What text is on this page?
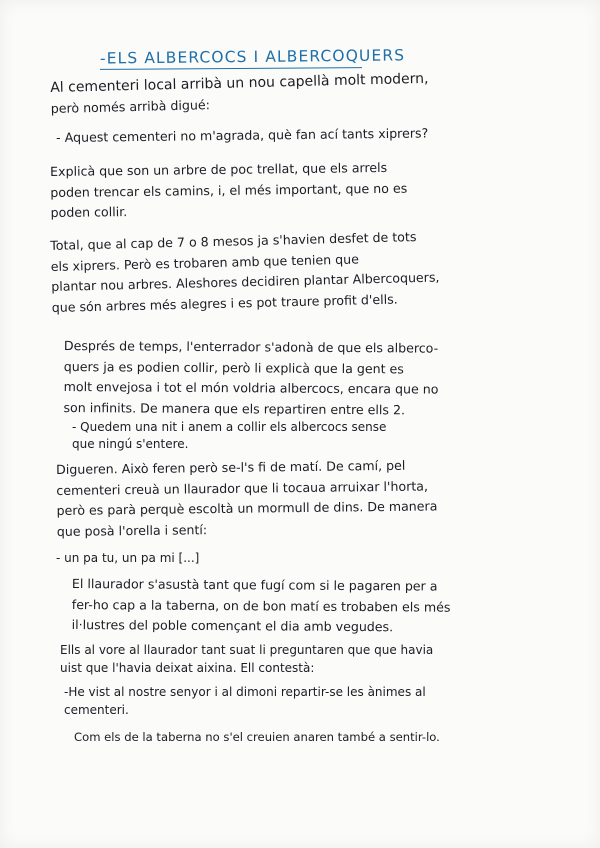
-ELS ALBERCOCS I ALBERCOQUERS
Al cementeri local arribà un nou capellà molt modern,
però només arribà digué:
- Aquest cementeri no m'agrada, què fan ací tants xiprers?
Explicà que son un arbre de poc trellat, que els arrels
poden trencar els camins, i, el més important, que no es
poden collir.
Total, que al cap de 7 o 8 mesos ja s'havien desfet de tots
els xiprers. Però es trobaren amb que tenien que
plantar nou arbres. Aleshores decidiren plantar Albercoquers,
que són arbres més alegres i es pot traure profit d'ells.
Després de temps, l'enterrador s'adonà de que els alberco-
quers ja es podien collir, però li explicà que la gent es
molt envejosa i tot el món voldria albercocs, encara que no
son infinits. De manera que els repartiren entre ells 2.
- Quedem una nit i anem a collir els albercocs sense
que ningú s'entere.
Digueren. Això feren però se-l's fi de matí. De camí, pel
cementeri creuà un llaurador que li tocaua arruixar l'horta,
però es parà perquè escoltà un mormull de dins. De manera
que posà l'orella i sentí:
- un pa tu, un pa mi [...]
El llaurador s'asustà tant que fugí com si le pagaren per a
fer-ho cap a la taberna, on de bon matí es trobaben els més
il·lustres del poble començant el dia amb vegudes.
Ells al vore al llaurador tant suat li preguntaren que que havia
uist que l'havia deixat aixina. Ell contestà:
-He vist al nostre senyor i al dimoni repartir-se les ànimes al
cementeri.
Com els de la taberna no s'el creuien anaren també a sentir-lo.
